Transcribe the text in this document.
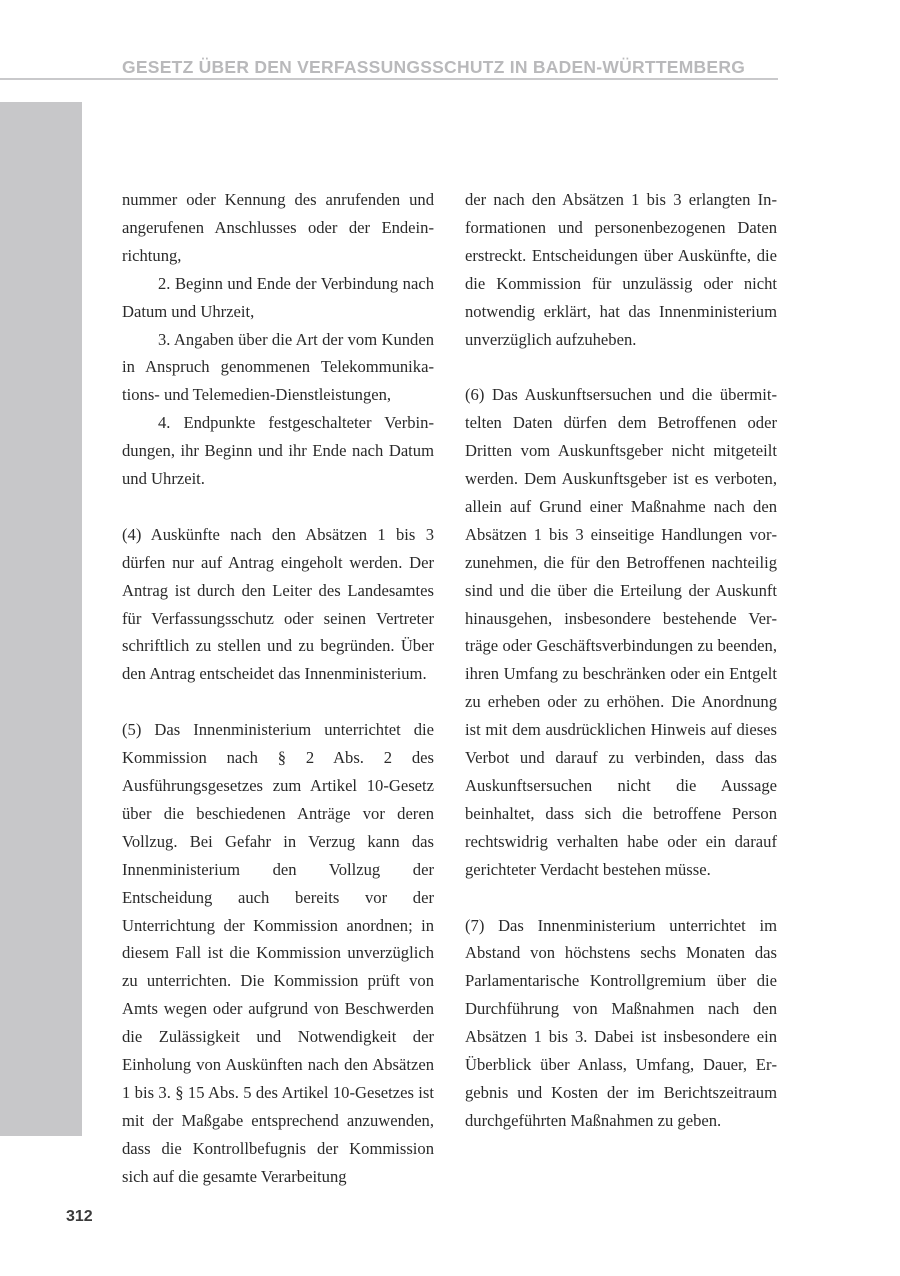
GESETZ ÜBER DEN VERFASSUNGSSCHUTZ IN BADEN-WÜRTTEMBERG

nummer oder Kennung des anrufenden und angerufenen Anschlusses oder der Endeinrichtung,

2. Beginn und Ende der Verbindung nach Datum und Uhrzeit,

3. Angaben über die Art der vom Kunden in Anspruch genommenen Telekommunikations- und Telemedien-Dienstleistungen,

4. Endpunkte festgeschalteter Verbindungen, ihr Beginn und ihr Ende nach Datum und Uhrzeit.

(4) Auskünfte nach den Absätzen 1 bis 3 dürfen nur auf Antrag eingeholt werden. Der Antrag ist durch den Leiter des Landesamtes für Verfassungsschutz oder seinen Vertreter schriftlich zu stellen und zu begründen. Über den Antrag entscheidet das Innenministerium.

(5) Das Innenministerium unterrichtet die Kommission nach § 2 Abs. 2 des Ausführungsgesetzes zum Artikel 10-Gesetz über die beschiedenen Anträge vor deren Vollzug. Bei Gefahr in Verzug kann das Innenministerium den Vollzug der Entscheidung auch bereits vor der Unterrichtung der Kommission anordnen; in diesem Fall ist die Kommission unverzüglich zu unterrichten. Die Kommission prüft von Amts wegen oder aufgrund von Beschwerden die Zulässigkeit und Notwendigkeit der Einholung von Auskünften nach den Absätzen 1 bis 3. § 15 Abs. 5 des Artikel 10-Gesetzes ist mit der Maßgabe entsprechend anzuwenden, dass die Kontrollbefugnis der Kommission sich auf die gesamte Verarbeitung

der nach den Absätzen 1 bis 3 erlangten Informationen und personenbezogenen Daten erstreckt. Entscheidungen über Auskünfte, die die Kommission für unzulässig oder nicht notwendig erklärt, hat das Innenministerium unverzüglich aufzuheben.

(6) Das Auskunftsersuchen und die übermittelten Daten dürfen dem Betroffenen oder Dritten vom Auskunftsgeber nicht mitgeteilt werden. Dem Auskunftsgeber ist es verboten, allein auf Grund einer Maßnahme nach den Absätzen 1 bis 3 einseitige Handlungen vorzunehmen, die für den Betroffenen nachteilig sind und die über die Erteilung der Auskunft hinausgehen, insbesondere bestehende Verträge oder Geschäftsverbindungen zu beenden, ihren Umfang zu beschränken oder ein Entgelt zu erheben oder zu erhöhen. Die Anordnung ist mit dem ausdrücklichen Hinweis auf dieses Verbot und darauf zu verbinden, dass das Auskunftsersuchen nicht die Aussage beinhaltet, dass sich die betroffene Person rechtswidrig verhalten habe oder ein darauf gerichteter Verdacht bestehen müsse.

(7) Das Innenministerium unterrichtet im Abstand von höchstens sechs Monaten das Parlamentarische Kontrollgremium über die Durchführung von Maßnahmen nach den Absätzen 1 bis 3. Dabei ist insbesondere ein Überblick über Anlass, Umfang, Dauer, Ergebnis und Kosten der im Berichtszeitraum durchgeführten Maßnahmen zu geben.

312
